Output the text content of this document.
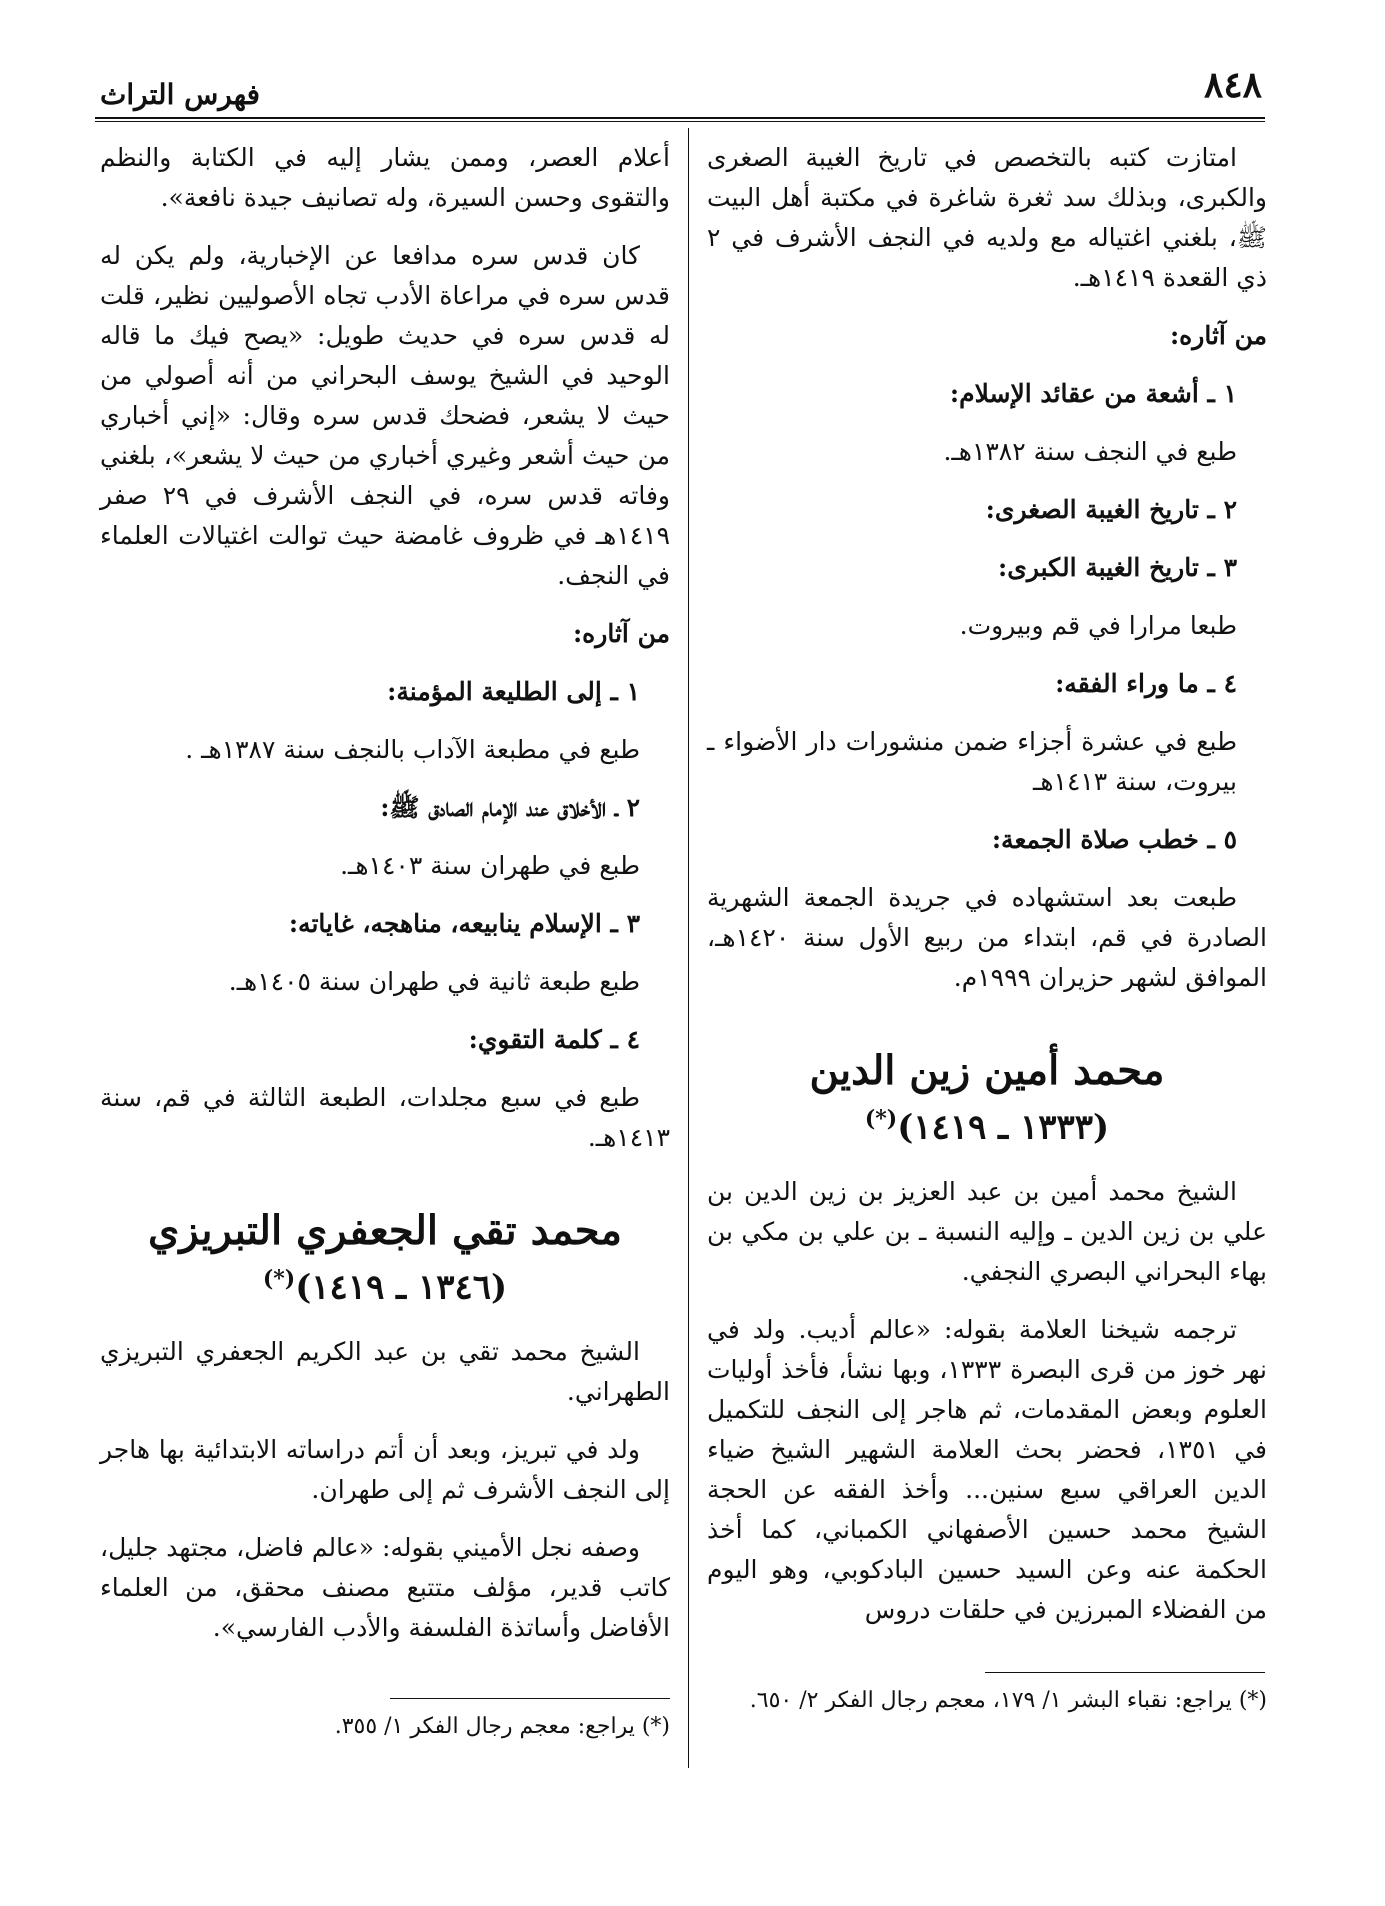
٨٤٨
فهرس التراث

امتازت كتبه بالتخصص في تاريخ الغيبة الصغرى والكبرى، وبذلك سد ثغرة شاغرة في مكتبة أهل البيت ﷺ، بلغني اغتياله مع ولديه في النجف الأشرف في ٢ ذي القعدة ١٤١٩هـ.

من آثاره:
١ ـ أشعة من عقائد الإسلام:
طبع في النجف سنة ١٣٨٢هـ.
٢ ـ تاريخ الغيبة الصغرى:
٣ ـ تاريخ الغيبة الكبرى:
طبعا مرارا في قم وبيروت.
٤ ـ ما وراء الفقه:
طبع في عشرة أجزاء ضمن منشورات دار الأضواء ـ بيروت، سنة ١٤١٣هـ
٥ ـ خطب صلاة الجمعة:
طبعت بعد استشهاده في جريدة الجمعة الشهرية الصادرة في قم، ابتداء من ربيع الأول سنة ١٤٢٠هـ، الموافق لشهر حزيران ١٩٩٩م.
محمد أمين زين الدين
(١٣٣٣ ـ ١٤١٩)(*)

الشيخ محمد أمين بن عبد العزيز بن زين الدين بن علي بن زين الدين ـ وإليه النسبة ـ بن علي بن مكي بن بهاء البحراني البصري النجفي.

ترجمه شيخنا العلامة بقوله: «عالم أديب. ولد في نهر خوز من قرى البصرة ١٣٣٣، وبها نشأ، فأخذ أوليات العلوم وبعض المقدمات، ثم هاجر إلى النجف للتكميل في ١٣٥١، فحضر بحث العلامة الشهير الشيخ ضياء الدين العراقي سبع سنين... وأخذ الفقه عن الحجة الشيخ محمد حسين الأصفهاني الكمباني، كما أخذ الحكمة عنه وعن السيد حسين البادكوبي، وهو اليوم من الفضلاء المبرزين في حلقات دروس

(*) يراجع: نقباء البشر ١/ ١٧٩، معجم رجال الفكر ٢/ ٦٥٠.

أعلام العصر، وممن يشار إليه في الكتابة والنظم والتقوى وحسن السيرة، وله تصانيف جيدة نافعة».

كان قدس سره مدافعا عن الإخبارية، ولم يكن له قدس سره في مراعاة الأدب تجاه الأصوليين نظير، قلت له قدس سره في حديث طويل: «يصح فيك ما قاله الوحيد في الشيخ يوسف البحراني من أنه أصولي من حيث لا يشعر، فضحك قدس سره وقال: «إني أخباري من حيث أشعر وغيري أخباري من حيث لا يشعر»، بلغني وفاته قدس سره، في النجف الأشرف في ٢٩ صفر ١٤١٩هـ في ظروف غامضة حيث توالت اغتيالات العلماء في النجف.

من آثاره:
١ ـ إلى الطليعة المؤمنة:
طبع في مطبعة الآداب بالنجف سنة ١٣٨٧هـ .
٢ ـ الأخلاق عند الإمام الصادق ﷺ:
طبع في طهران سنة ١٤٠٣هـ.
٣ ـ الإسلام ينابيعه، مناهجه، غاياته:
طبع طبعة ثانية في طهران سنة ١٤٠٥هـ.
٤ ـ كلمة التقوي:
طبع في سبع مجلدات، الطبعة الثالثة في قم، سنة ١٤١٣هـ.
محمد تقي الجعفري التبريزي
(١٣٤٦ ـ ١٤١٩)(*)

الشيخ محمد تقي بن عبد الكريم الجعفري التبريزي الطهراني.

ولد في تبريز، وبعد أن أتم دراساته الابتدائية بها هاجر إلى النجف الأشرف ثم إلى طهران.

وصفه نجل الأميني بقوله: «عالم فاضل، مجتهد جليل، كاتب قدير، مؤلف متتبع مصنف محقق، من العلماء الأفاضل وأساتذة الفلسفة والأدب الفارسي».

(*) يراجع: معجم رجال الفكر ١/ ٣٥٥.
